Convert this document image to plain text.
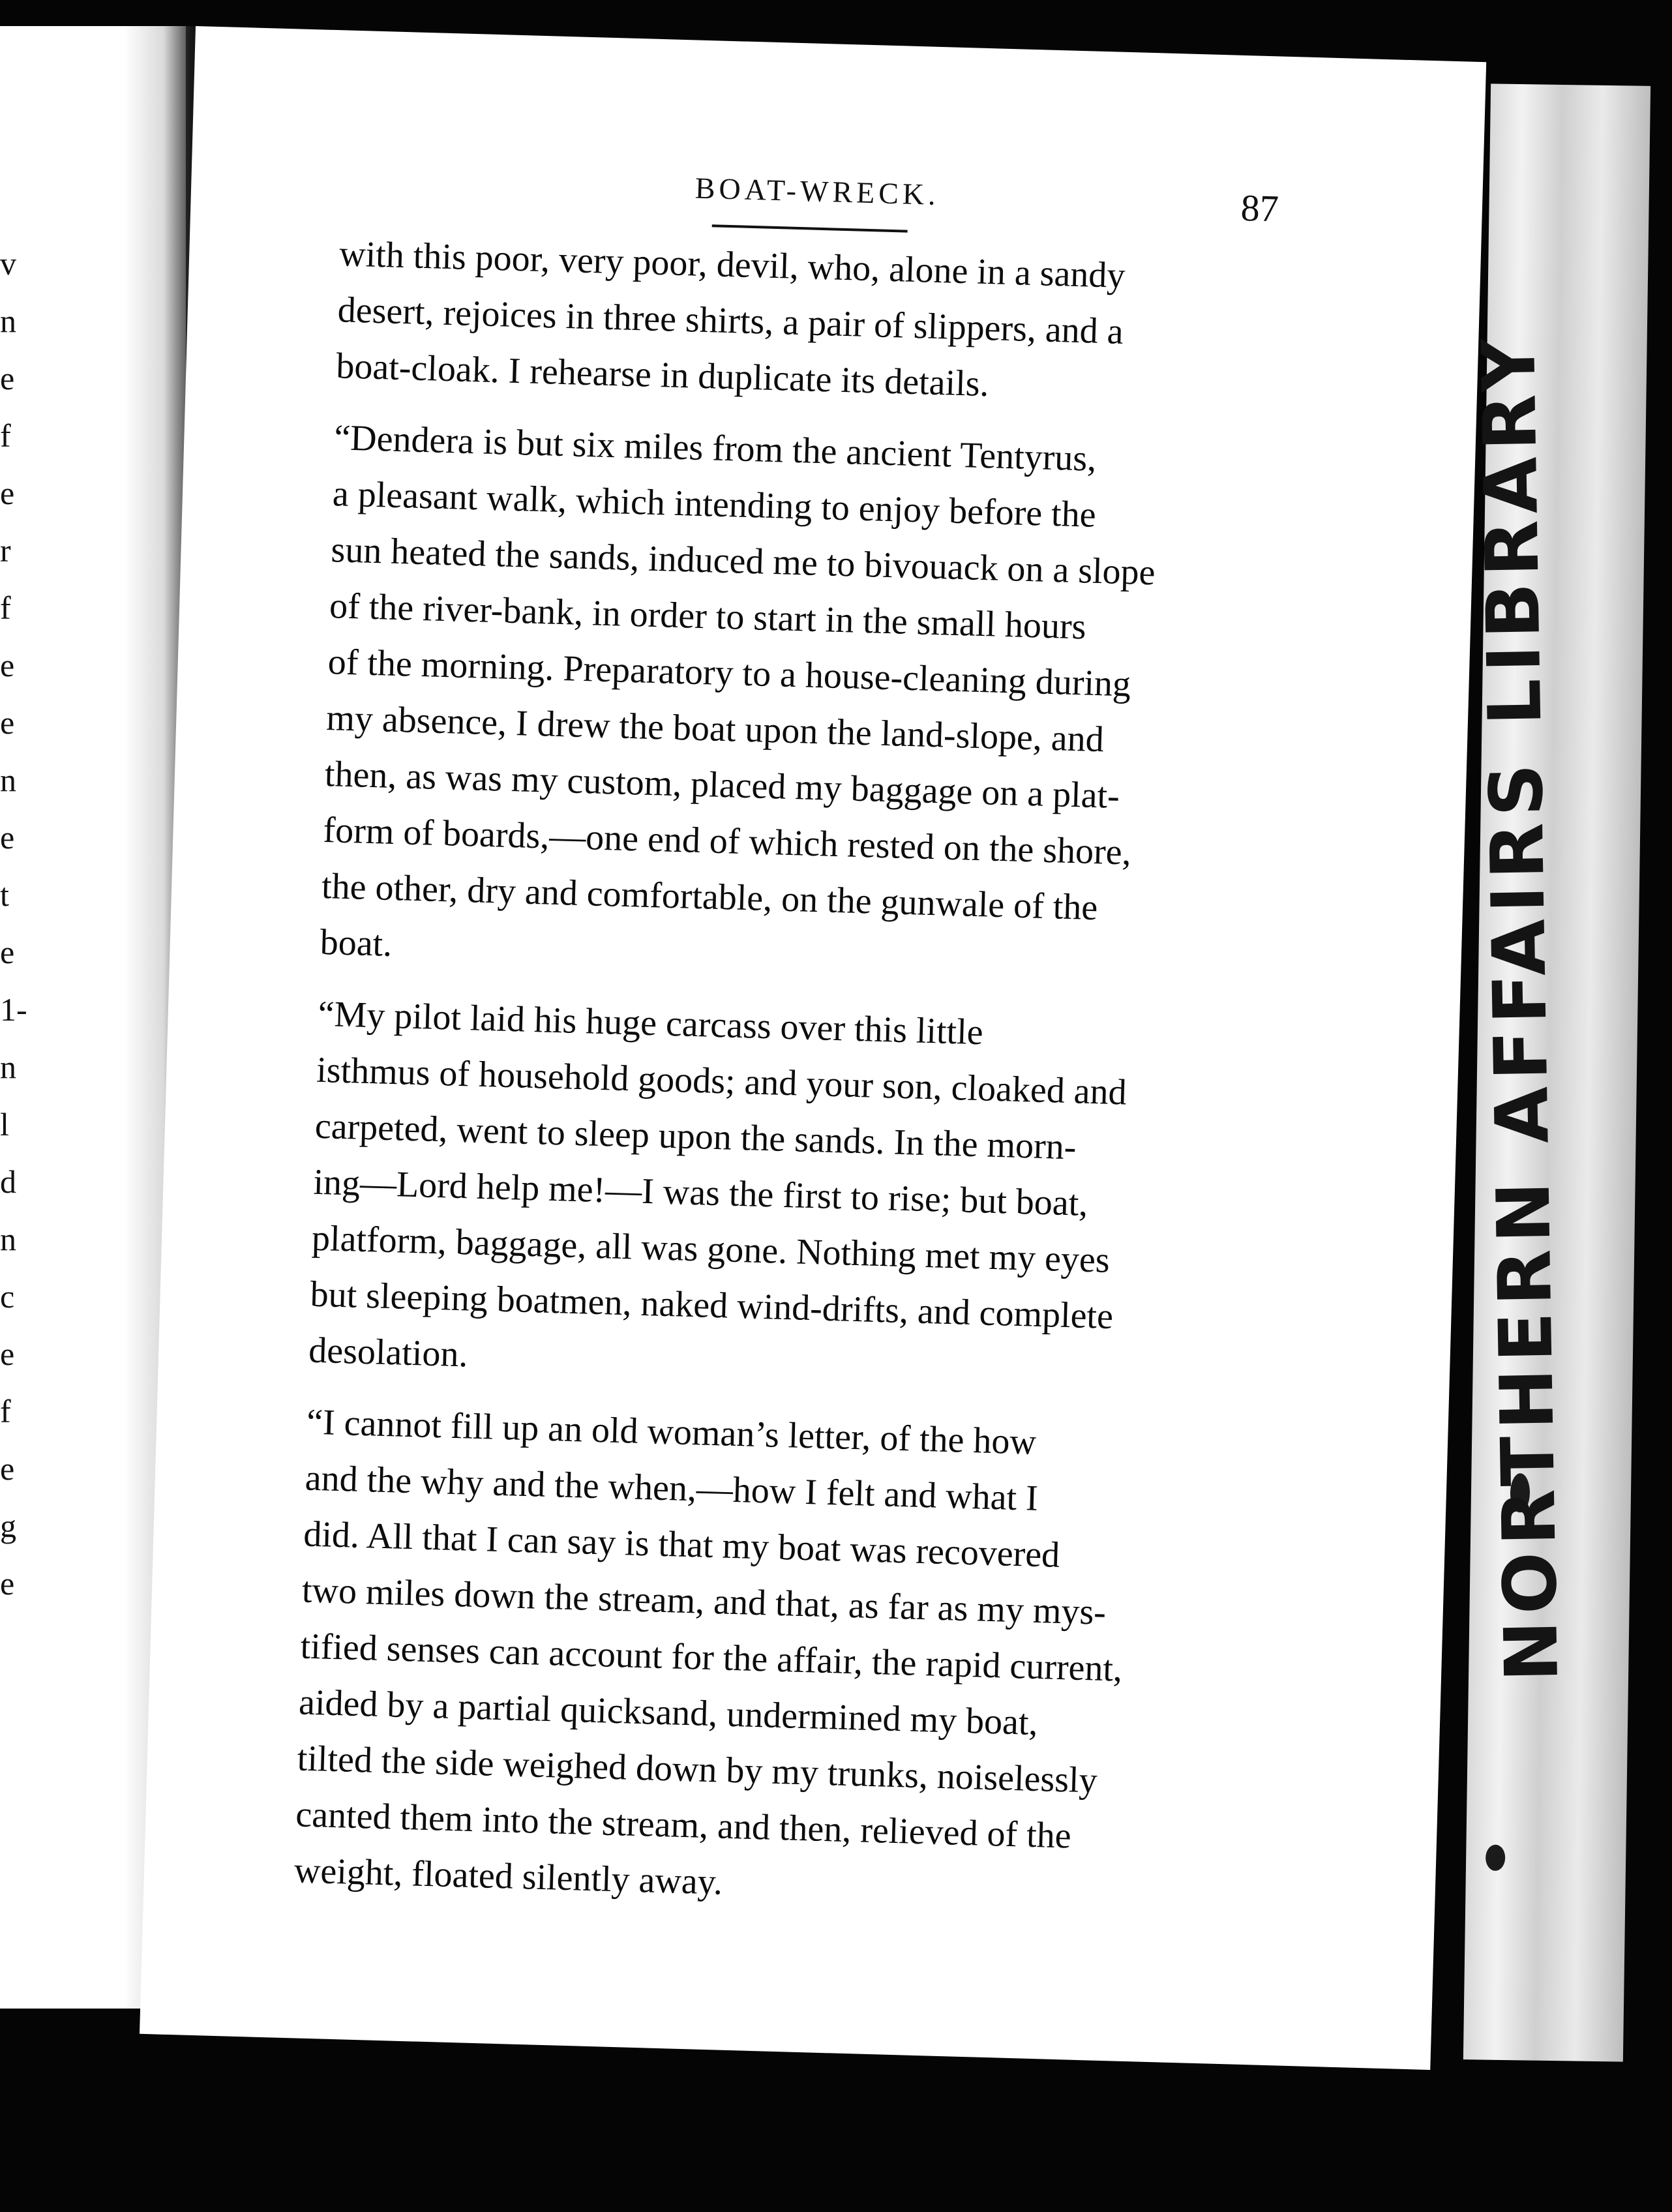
v
n
e
f
e
r
f
e
e
n
e
t
e
1-
n
l
d
n
c
e
f
e
g
e
BOAT-WRECK.	87
with this poor, very poor, devil, who, alone in a sandy
desert, rejoices in three shirts, a pair of slippers, and a
boat-cloak. I rehearse in duplicate its details.
“Dendera is but six miles from the ancient Tentyrus,
a pleasant walk, which intending to enjoy before the
sun heated the sands, induced me to bivouack on a slope
of the river-bank, in order to start in the small hours
of the morning. Preparatory to a house-cleaning during
my absence, I drew the boat upon the land-slope, and
then, as was my custom, placed my baggage on a plat-
form of boards,—one end of which rested on the shore,
the other, dry and comfortable, on the gunwale of the
boat.
“My pilot laid his huge carcass over this little
isthmus of household goods; and your son, cloaked and
carpeted, went to sleep upon the sands. In the morn-
ing—Lord help me!—I was the first to rise; but boat,
platform, baggage, all was gone. Nothing met my eyes
but sleeping boatmen, naked wind-drifts, and complete
desolation.
“I cannot fill up an old woman’s letter, of the how
and the why and the when,—how I felt and what I
did. All that I can say is that my boat was recovered
two miles down the stream, and that, as far as my mys-
tified senses can account for the affair, the rapid current,
aided by a partial quicksand, undermined my boat,
tilted the side weighed down by my trunks, noiselessly
canted them into the stream, and then, relieved of the
weight, floated silently away.
NORTHERN AFFAIRS LIBRARY
